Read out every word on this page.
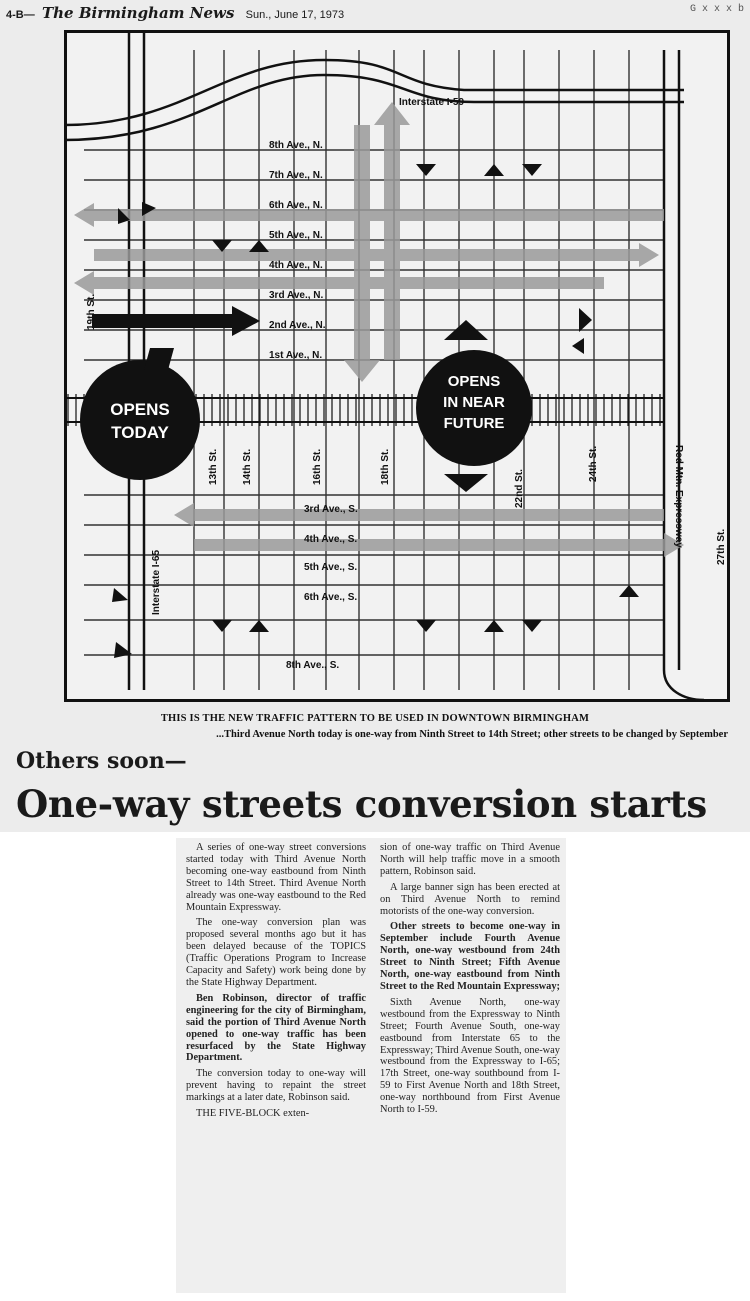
4-B— The Birmingham News Sun., June 17, 1973	G x x x b
Interstate I-59
8th Ave., N.
7th Ave., N.
6th Ave., N.
5th Ave., N.
4th Ave., N.
3rd Ave., N.
2nd Ave., N.
1st Ave., N.
3rd Ave., S.
4th Ave., S.
5th Ave., S.
6th Ave., S.
8th Ave., S.
13th St. 14th St.	16th St.	18th St.
22nd St.
24th St.
27th St.
19th St.
Interstate I-65
Red Mtn. Expressway
OPENS
TODAY
OPENS
IN NEAR
FUTURE
THIS IS THE NEW TRAFFIC PATTERN TO BE USED IN DOWNTOWN BIRMINGHAM
...Third Avenue North today is one-way from Ninth Street to 14th Street; other streets to be changed by September
Others soon—
One-way streets conversion starts

A series of one-way street conversions started today with Third Avenue North becoming one-way eastbound from Ninth Street to 14th Street. Third Avenue North already was one-way eastbound to the Red Mountain Expressway.

The one-way conversion plan was proposed several months ago but it has been delayed because of the TOPICS (Traffic Operations Program to Increase Capacity and Safety) work being done by the State Highway Department.

Ben Robinson, director of traffic engineering for the city of Birmingham, said the portion of Third Avenue North opened to one-way traffic has been resurfaced by the State Highway Department.

The conversion today to one-way will prevent having to repaint the street markings at a later date, Robinson said.

THE FIVE-BLOCK exten-

sion of one-way traffic on Third Avenue North will help traffic move in a smooth pattern, Robinson said.

A large banner sign has been erected at on Third Avenue North to remind motorists of the one-way conversion.

Other streets to become one-way in September include Fourth Avenue North, one-way westbound from 24th Street to Ninth Street; Fifth Avenue North, one-way eastbound from Ninth Street to the Red Mountain Expressway;

Sixth Avenue North, one-way westbound from the Expressway to Ninth Street; Fourth Avenue South, one-way eastbound from Interstate 65 to the Expressway; Third Avenue South, one-way westbound from the Expressway to I-65; 17th Street, one-way southbound from I-59 to First Avenue North and 18th Street, one-way northbound from First Avenue North to I-59.
